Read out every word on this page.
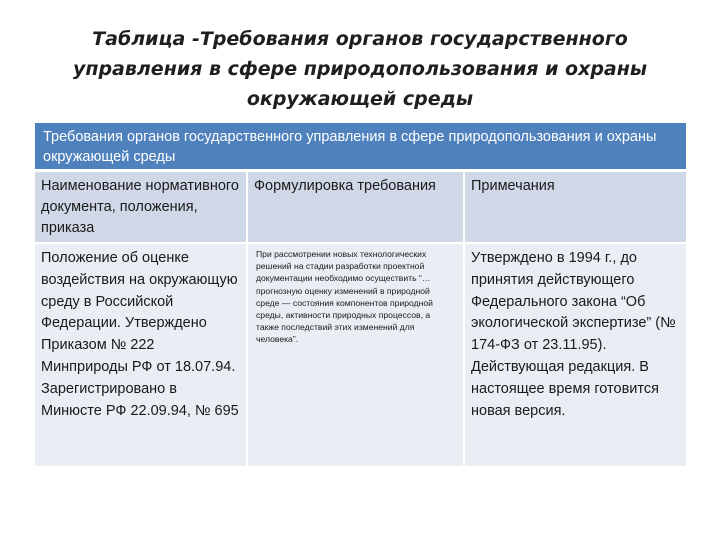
Таблица -Требования органов государственного управления в сфере природопользования и охраны окружающей среды
Требования органов государственного управления в сфере природопользования и охраны окружающей среды
Наименование нормативного документа, положения, приказа
Формулировка требования	Примечания
Положение об оценке воздействия на окружающую среду в Российской Федерации. Утверждено Приказом № 222 Минприроды РФ от 18.07.94. Зарегистрировано в Минюсте РФ 22.09.94, № 695
При рассмотрении новых технологических решений на стадии разработки проектной документации необходимо осуществить “…прогнозную оценку изменений в природной среде — состояния компонентов природной среды, активности природных процессов, а также последствий этих изменений для человека”.
Утверждено в 1994 г., до принятия действующего Федерального закона “Об экологической экспертизе” (№ 174-ФЗ от 23.11.95). Действующая редакция. В настоящее время готовится новая версия.
